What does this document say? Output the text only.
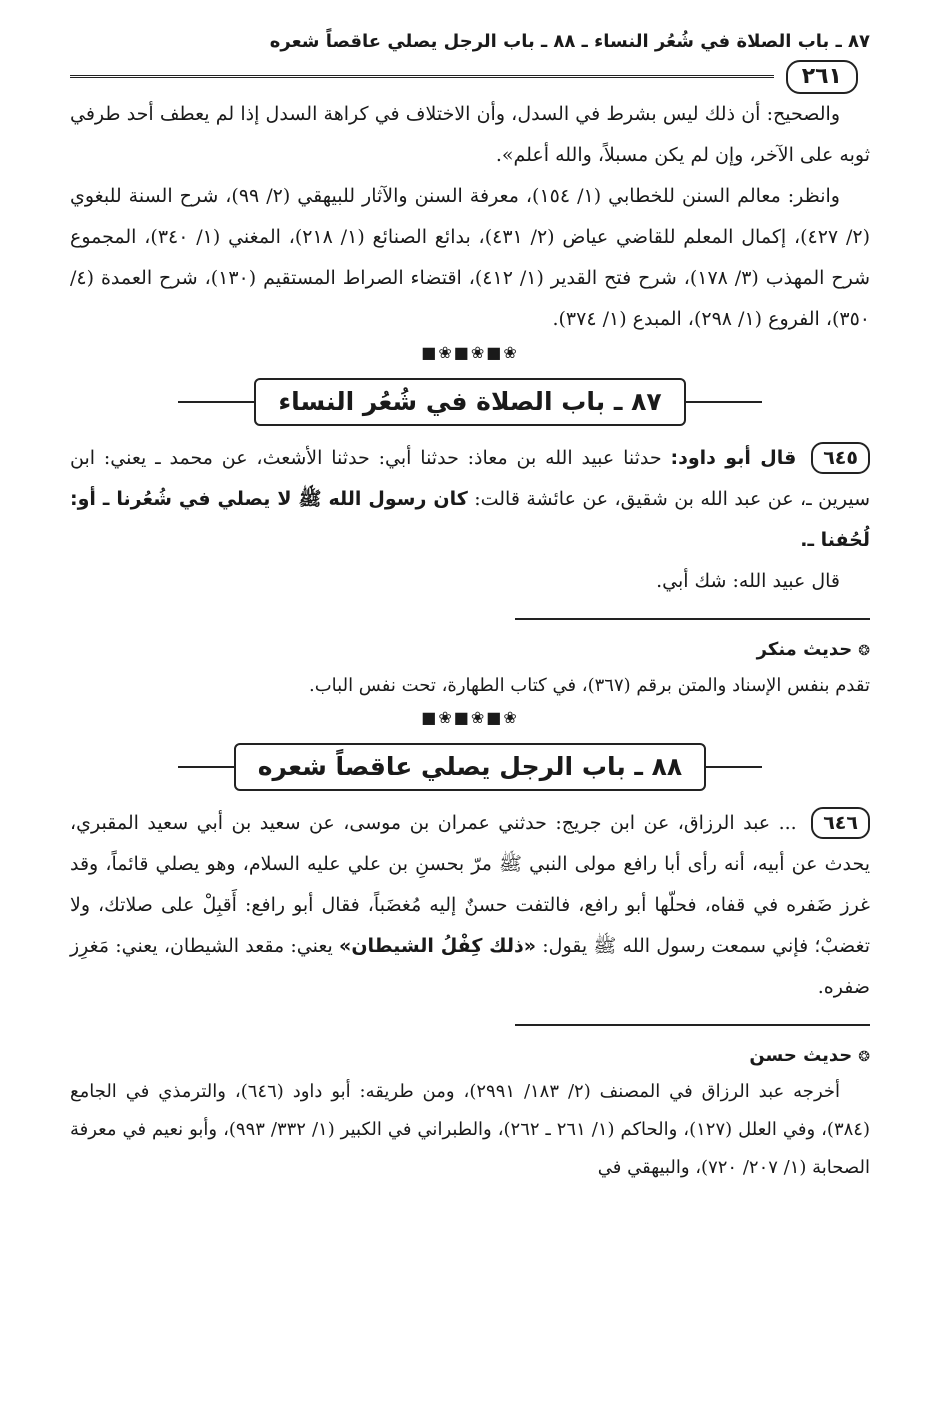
٨٧ ـ باب الصلاة في شُعُر النساء ـ ٨٨ ـ باب الرجل يصلي عاقصاً شعره

٢٦١

والصحيح: أن ذلك ليس بشرط في السدل، وأن الاختلاف في كراهة السدل إذا لم يعطف أحد طرفي ثوبه على الآخر، وإن لم يكن مسبلاً، والله أعلم».

وانظر: معالم السنن للخطابي (١/ ١٥٤)، معرفة السنن والآثار للبيهقي (٢/ ٩٩)، شرح السنة للبغوي (٢/ ٤٢٧)، إكمال المعلم للقاضي عياض (٢/ ٤٣١)، بدائع الصنائع (١/ ٢١٨)، المغني (١/ ٣٤٠)، المجموع شرح المهذب (٣/ ١٧٨)، شرح فتح القدير (١/ ٤١٢)، اقتضاء الصراط المستقيم (١٣٠)، شرح العمدة (٤/ ٣٥٠)، الفروع (١/ ٢٩٨)، المبدع (١/ ٣٧٤).

❀■❀■❀■
٨٧ ـ باب الصلاة في شُعُر النساء

٦٤٥ قال أبو داود: حدثنا عبيد الله بن معاذ: حدثنا أبي: حدثنا الأشعث، عن محمد ـ يعني: ابن سيرين ـ، عن عبد الله بن شقيق، عن عائشة قالت: كان رسول الله ﷺ لا يصلي في شُعُرنا ـ أو: لُحُفنا ـ.

قال عبيد الله: شك أبي.

❂حديث منكر

تقدم بنفس الإسناد والمتن برقم (٣٦٧)، في كتاب الطهارة، تحت نفس الباب.

❀■❀■❀■
٨٨ ـ باب الرجل يصلي عاقصاً شعره

٦٤٦ ... عبد الرزاق، عن ابن جريج: حدثني عمران بن موسى، عن سعيد بن أبي سعيد المقبري، يحدث عن أبيه، أنه رأى أبا رافع مولى النبي ﷺ مرّ بحسنِ بن علي عليه السلام، وهو يصلي قائماً، وقد غرز ضَفره في قفاه، فحلّها أبو رافع، فالتفت حسنٌ إليه مُغضَباً، فقال أبو رافع: أَقبِلْ على صلاتك، ولا تغضبْ؛ فإني سمعت رسول الله ﷺ يقول: «ذلك كِفْلُ الشيطان» يعني: مقعد الشيطان، يعني: مَغرِز ضفره.

❂حديث حسن

أخرجه عبد الرزاق في المصنف (٢/ ١٨٣/ ٢٩٩١)، ومن طريقه: أبو داود (٦٤٦)، والترمذي في الجامع (٣٨٤)، وفي العلل (١٢٧)، والحاكم (١/ ٢٦١ ـ ٢٦٢)، والطبراني في الكبير (١/ ٣٣٢/ ٩٩٣)، وأبو نعيم في معرفة الصحابة (١/ ٢٠٧/ ٧٢٠)، والبيهقي في
